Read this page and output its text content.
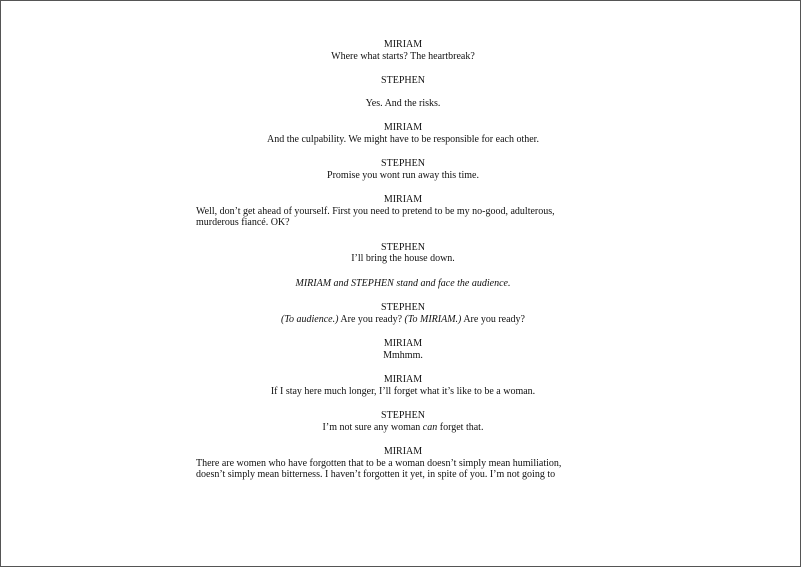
MIRIAM
Where what starts? The heartbreak?
STEPHEN
Yes. And the risks.
MIRIAM
And the culpability. We might have to be responsible for each other.
STEPHEN
Promise you wont run away this time.
MIRIAM
Well, don’t get ahead of yourself. First you need to pretend to be my no-good, adulterous,
murderous fiancé. OK?
STEPHEN
I’ll bring the house down.
MIRIAM and STEPHEN stand and face the audience.
STEPHEN
(To audience.) Are you ready? (To MIRIAM.) Are you ready?
MIRIAM
Mmhmm.
MIRIAM
If I stay here much longer, I’ll forget what it’s like to be a woman.
STEPHEN
I’m not sure any woman can forget that.
MIRIAM
There are women who have forgotten that to be a woman doesn’t simply mean humiliation,
doesn’t simply mean bitterness. I haven’t forgotten it yet, in spite of you. I’m not going to
